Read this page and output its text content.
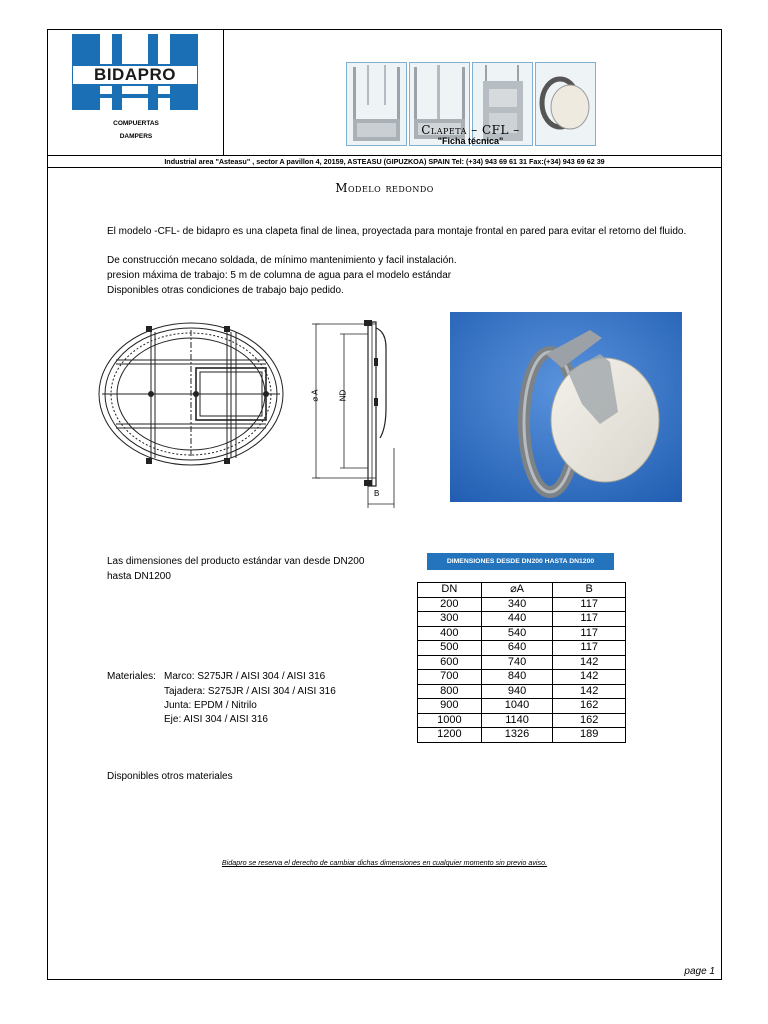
BIDAPRO
COMPUERTAS
DAMPERS	Clapeta – CFL –
"Ficha técnica"
Industrial area "Asteasu" , sector A pavillon 4, 20159, ASTEASU (GIPUZKOA) SPAIN Tel: (+34) 943 69 61 31 Fax:(+34) 943 69 62 39
Modelo redondo
El modelo -CFL- de bidapro es una clapeta final de linea, proyectada para montaje frontal en pared para evitar el retorno del fluido.
De construcción mecano soldada, de mínimo mantenimiento y facil instalación.
presion máxima de trabajo: 5 m de columna de agua para el modelo estándar
Disponibles otras condiciones de trabajo bajo pedido.
⌀ A ND
B
Las dimensiones del producto estándar van desde DN200
hasta DN1200
DIMENSIONES DESDE DN200 HASTA DN1200
DN	⌀A	B
200	340	117
300	440	117
400	540	117
500	640	117
600	740	142
700	840	142
800	940	142
900	1040	162
1000	1140	162
1200	1326	189
Materiales: Marco: S275JR / AISI 304 / AISI 316
Tajadera: S275JR / AISI 304 / AISI 316
Junta: EPDM / Nitrilo
Eje: AISI 304 / AISI 316
Disponibles otros materiales
Bidapro se reserva el derecho de cambiar dichas dimensiones en cualquier momento sin previo aviso.
page 1
